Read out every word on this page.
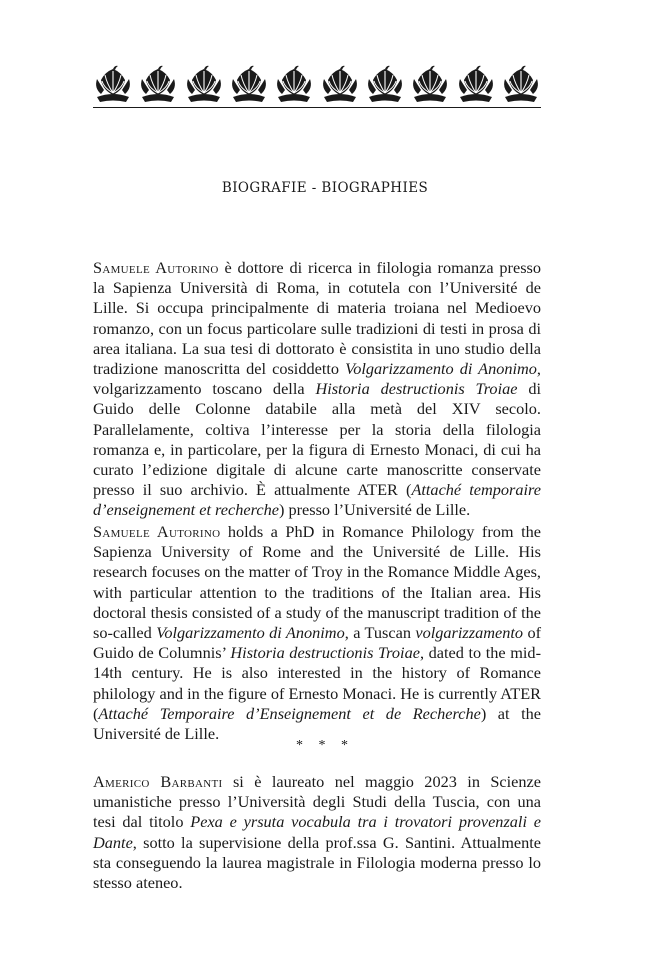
BIOGRAFIE - BIOGRAPHIES

Samuele Autorino è dottore di ricerca in filologia romanza presso la Sapienza Università di Roma, in cotutela con l’Université de Lille. Si occupa principalmente di materia troiana nel Medioevo romanzo, con un focus particolare sulle tradizioni di testi in prosa di area italiana. La sua tesi di dottorato è consistita in uno studio della tradizione manoscritta del cosiddetto Volgarizzamento di Anonimo, volgarizzamento toscano della Historia destructionis Troiae di Guido delle Colonne databile alla metà del XIV secolo. Parallelamente, coltiva l’interesse per la storia della filologia romanza e, in particolare, per la figura di Ernesto Monaci, di cui ha curato l’edizione digitale di alcune carte manoscritte conservate presso il suo archivio. È attualmente ATER (Attaché temporaire d’enseignement et recherche) presso l’Université de Lille.

Samuele Autorino holds a PhD in Romance Philology from the Sapienza University of Rome and the Université de Lille. His research focuses on the matter of Troy in the Romance Middle Ages, with particular attention to the traditions of the Italian area. His doctoral thesis consisted of a study of the manuscript tradition of the so-called Volgarizzamento di Anonimo, a Tuscan volgarizzamento of Guido de Columnis’ Historia destructionis Troiae, dated to the mid-14th century. He is also interested in the history of Romance philology and in the figure of Ernesto Monaci. He is currently ATER (Attaché Temporaire d’Enseignement et de Recherche) at the Université de Lille.

* * *

Americo Barbanti si è laureato nel maggio 2023 in Scienze umanistiche presso l’Università degli Studi della Tuscia, con una tesi dal titolo Pexa e yrsuta vocabula tra i trovatori provenzali e Dante, sotto la supervisione della prof.ssa G. Santini. Attualmente sta conseguendo la laurea magistrale in Filologia moderna presso lo stesso ateneo.
